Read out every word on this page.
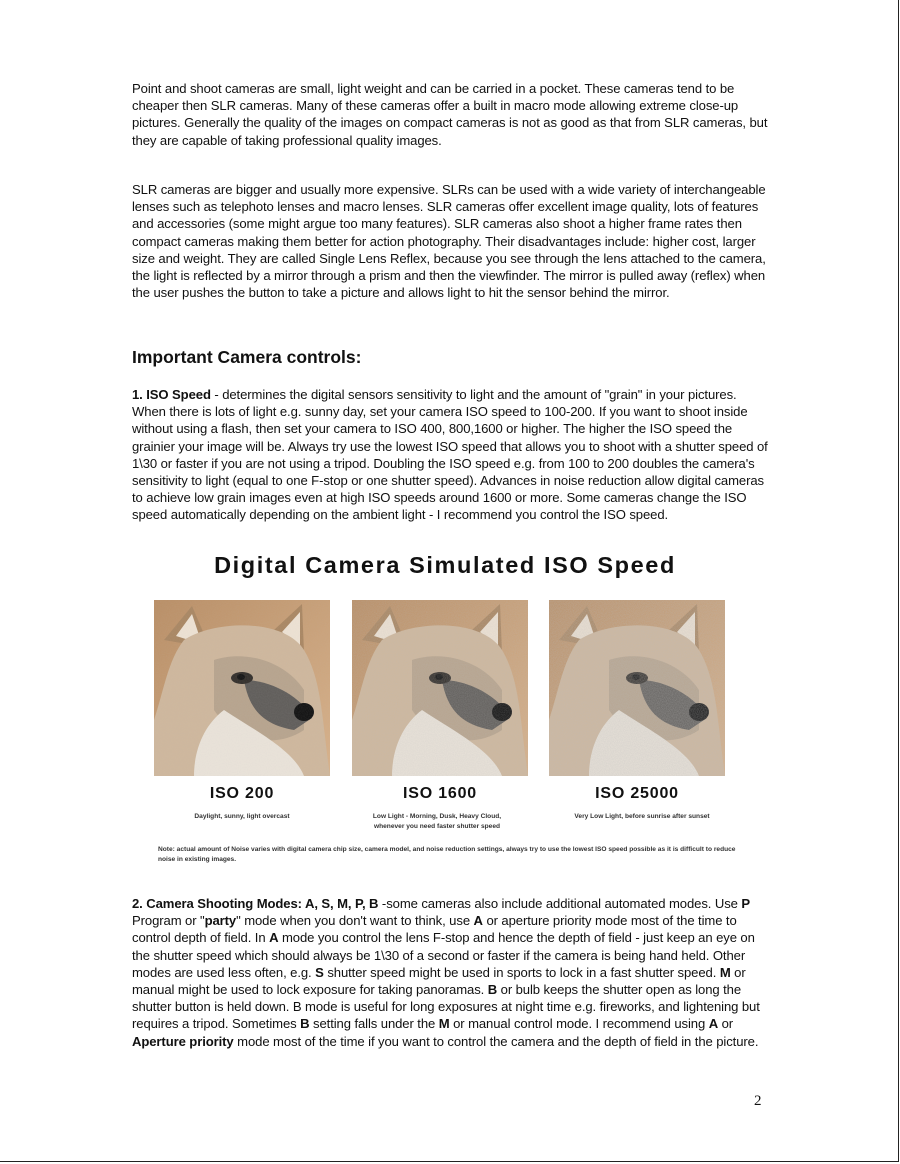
Point and shoot cameras are small, light weight and can be carried in a pocket. These cameras tend to be cheaper then SLR cameras. Many of these cameras offer a built in macro mode allowing extreme close-up pictures. Generally the quality of the images on compact cameras is not as good as that from SLR cameras, but they are capable of taking professional quality images.

SLR cameras are bigger and usually more expensive. SLRs can be used with a wide variety of interchangeable lenses such as telephoto lenses and macro lenses. SLR cameras offer excellent image quality, lots of features and accessories (some might argue too many features). SLR cameras also shoot a higher frame rates then compact cameras making them better for action photography. Their disadvantages include: higher cost, larger size and weight. They are called Single Lens Reflex, because you see through the lens attached to the camera, the light is reflected by a mirror through a prism and then the viewfinder. The mirror is pulled away (reflex) when the user pushes the button to take a picture and allows light to hit the sensor behind the mirror.

Important Camera controls:

1. ISO Speed - determines the digital sensors sensitivity to light and the amount of "grain" in your pictures. When there is lots of light e.g. sunny day, set your camera ISO speed to 100-200. If you want to shoot inside without using a flash, then set your camera to ISO 400, 800,1600 or higher. The higher the ISO speed the grainier your image will be. Always try use the lowest ISO speed that allows you to shoot with a shutter speed of 1\30 or faster if you are not using a tripod. Doubling the ISO speed e.g. from 100 to 200 doubles the camera's sensitivity to light (equal to one F-stop or one shutter speed). Advances in noise reduction allow digital cameras to achieve low grain images even at high ISO speeds around 1600 or more. Some cameras change the ISO speed automatically depending on the ambient light - I recommend you control the ISO speed.

Digital Camera Simulated ISO Speed
ISO 200	ISO 1600	ISO 25000
Daylight, sunny, light overcast	Low Light - Morning, Dusk, Heavy Cloud,
whenever you need faster shutter speed
Very Low Light, before sunrise after sunset
Note: actual amount of Noise varies with digital camera chip size, camera model, and noise reduction settings, always try to use the lowest ISO speed possible as it is difficult to reduce noise in existing images.

2. Camera Shooting Modes: A, S, M, P, B -some cameras also include additional automated modes. Use P Program or "party" mode when you don't want to think, use A or aperture priority mode most of the time to control depth of field. In A mode you control the lens F-stop and hence the depth of field - just keep an eye on the shutter speed which should always be 1\30 of a second or faster if the camera is being hand held. Other modes are used less often, e.g. S shutter speed might be used in sports to lock in a fast shutter speed. M or manual might be used to lock exposure for taking panoramas. B or bulb keeps the shutter open as long the shutter button is held down. B mode is useful for long exposures at night time e.g. fireworks, and lightening but requires a tripod. Sometimes B setting falls under the M or manual control mode. I recommend using A or Aperture priority mode most of the time if you want to control the camera and the depth of field in the picture.

2
